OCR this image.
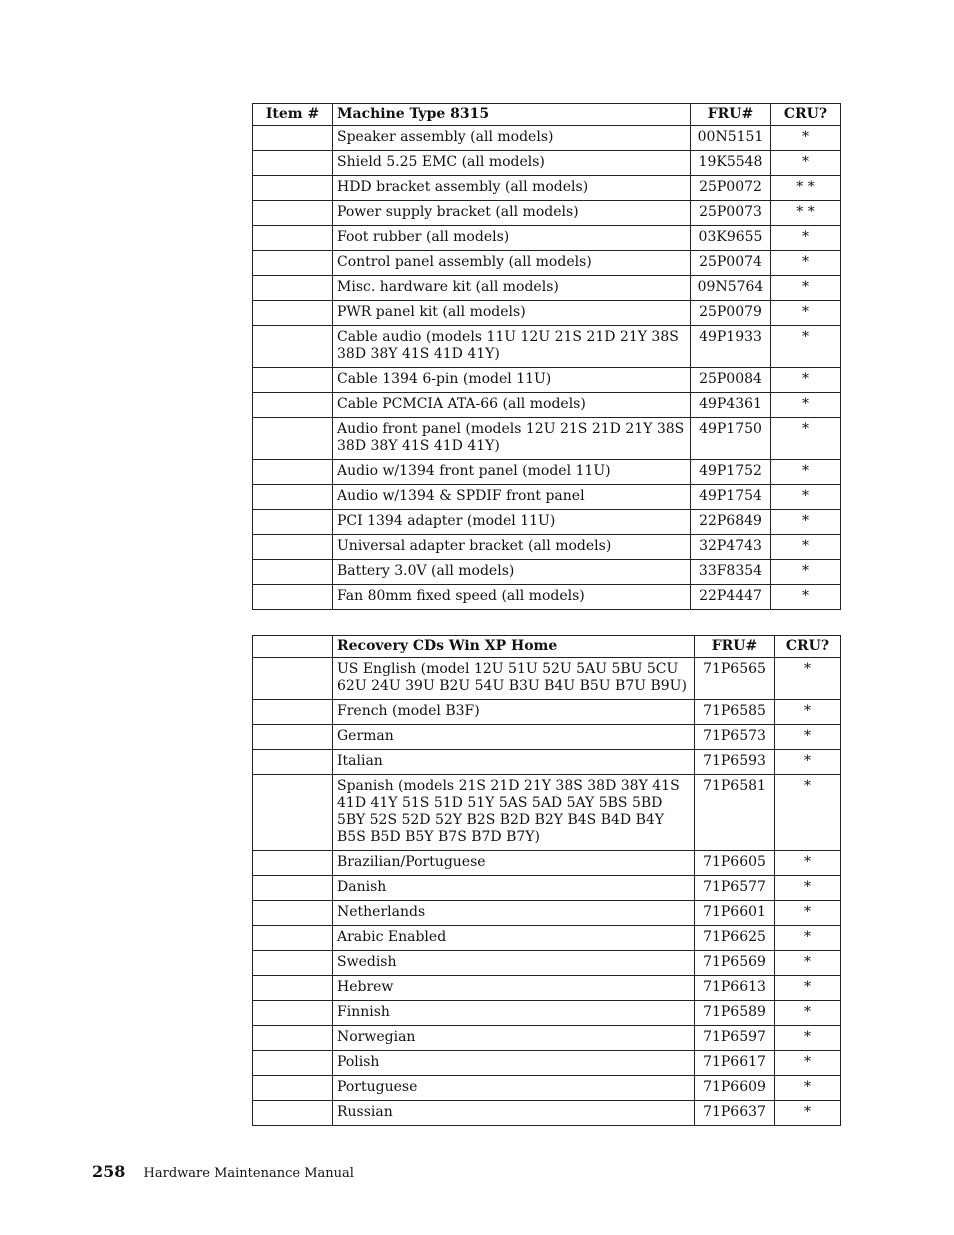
Item #	Machine Type 8315	FRU#	CRU?
	Speaker assembly (all models)	00N5151	*
	Shield 5.25 EMC (all models)	19K5548	*
	HDD bracket assembly (all models)	25P0072	* *
	Power supply bracket (all models)	25P0073	* *
	Foot rubber (all models)	03K9655	*
	Control panel assembly (all models)	25P0074	*
	Misc. hardware kit (all models)	09N5764	*
	PWR panel kit (all models)	25P0079	*
	Cable audio (models 11U 12U 21S 21D 21Y 38S 38D 38Y 41S 41D 41Y)	49P1933	*
	Cable 1394 6-pin (model 11U)	25P0084	*
	Cable PCMCIA ATA-66 (all models)	49P4361	*
	Audio front panel (models 12U 21S 21D 21Y 38S 38D 38Y 41S 41D 41Y)	49P1750	*
	Audio w/1394 front panel (model 11U)	49P1752	*
	Audio w/1394 & SPDIF front panel	49P1754	*
	PCI 1394 adapter (model 11U)	22P6849	*
	Universal adapter bracket (all models)	32P4743	*
	Battery 3.0V (all models)	33F8354	*
	Fan 80mm fixed speed (all models)	22P4447	*
	Recovery CDs Win XP Home	FRU#	CRU?
	US English (model 12U 51U 52U 5AU 5BU 5CU 62U 24U 39U B2U 54U B3U B4U B5U B7U B9U)	71P6565	*
	French (model B3F)	71P6585	*
	German	71P6573	*
	Italian	71P6593	*
	Spanish (models 21S 21D 21Y 38S 38D 38Y 41S 41D 41Y 51S 51D 51Y 5AS 5AD 5AY 5BS 5BD 5BY 52S 52D 52Y B2S B2D B2Y B4S B4D B4Y B5S B5D B5Y B7S B7D B7Y)	71P6581	*
	Brazilian/Portuguese	71P6605	*
	Danish	71P6577	*
	Netherlands	71P6601	*
	Arabic Enabled	71P6625	*
	Swedish	71P6569	*
	Hebrew	71P6613	*
	Finnish	71P6589	*
	Norwegian	71P6597	*
	Polish	71P6617	*
	Portuguese	71P6609	*
	Russian	71P6637	*
258 Hardware Maintenance Manual
